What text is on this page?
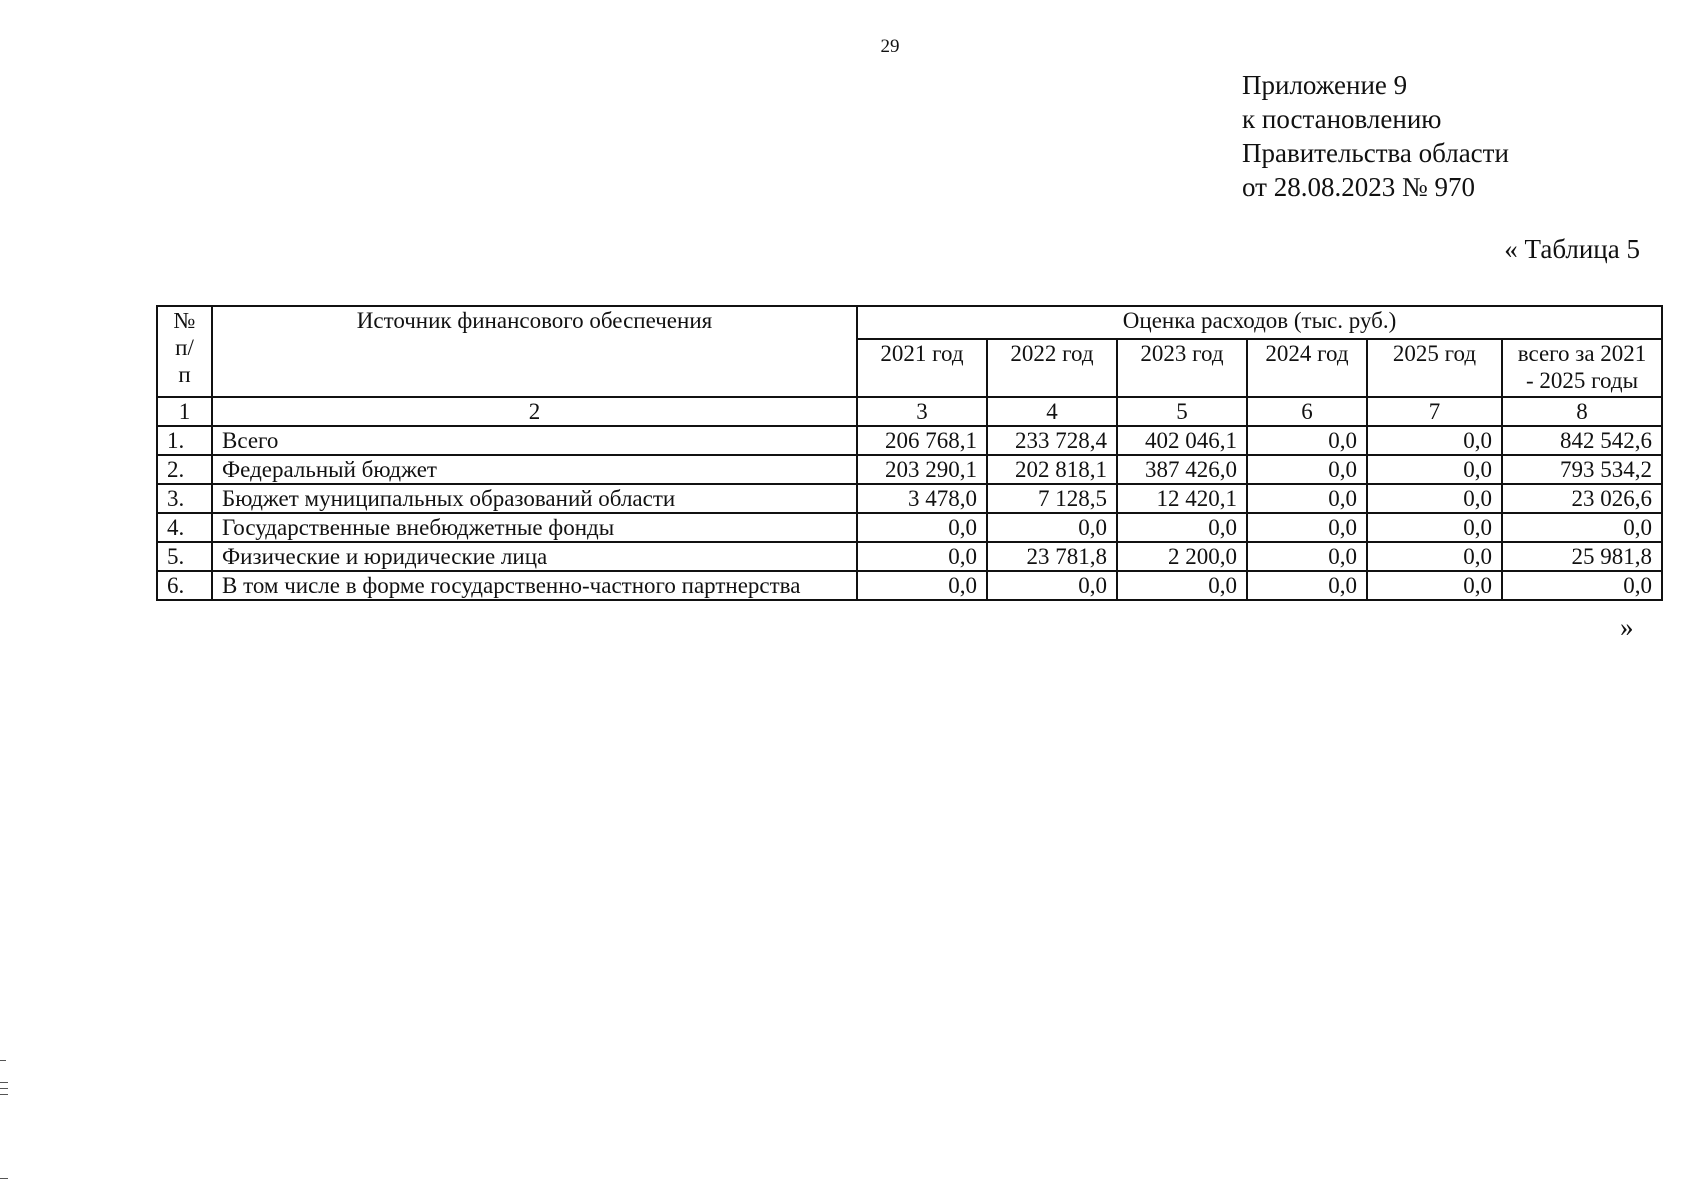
29
Приложение 9
к постановлению
Правительства области
от 28.08.2023 № 970
« Таблица 5
№ п/ п	Источник финансового обеспечения	Оценка расходов (тыс. руб.)					
		2021 год	2022 год	2023 год	2024 год	2025 год	всего за 2021 - 2025 годы
1	2	3	4	5	6	7	8
1.	Всего	206 768,1	233 728,4	402 046,1	0,0	0,0	842 542,6
2.	Федеральный бюджет	203 290,1	202 818,1	387 426,0	0,0	0,0	793 534,2
3.	Бюджет муниципальных образований области	3 478,0	7 128,5	12 420,1	0,0	0,0	23 026,6
4.	Государственные внебюджетные фонды	0,0	0,0	0,0	0,0	0,0	0,0
5.	Физические и юридические лица	0,0	23 781,8	2 200,0	0,0	0,0	25 981,8
6.	В том числе в форме государственно-частного партнерства	0,0	0,0	0,0	0,0	0,0	0,0
»
